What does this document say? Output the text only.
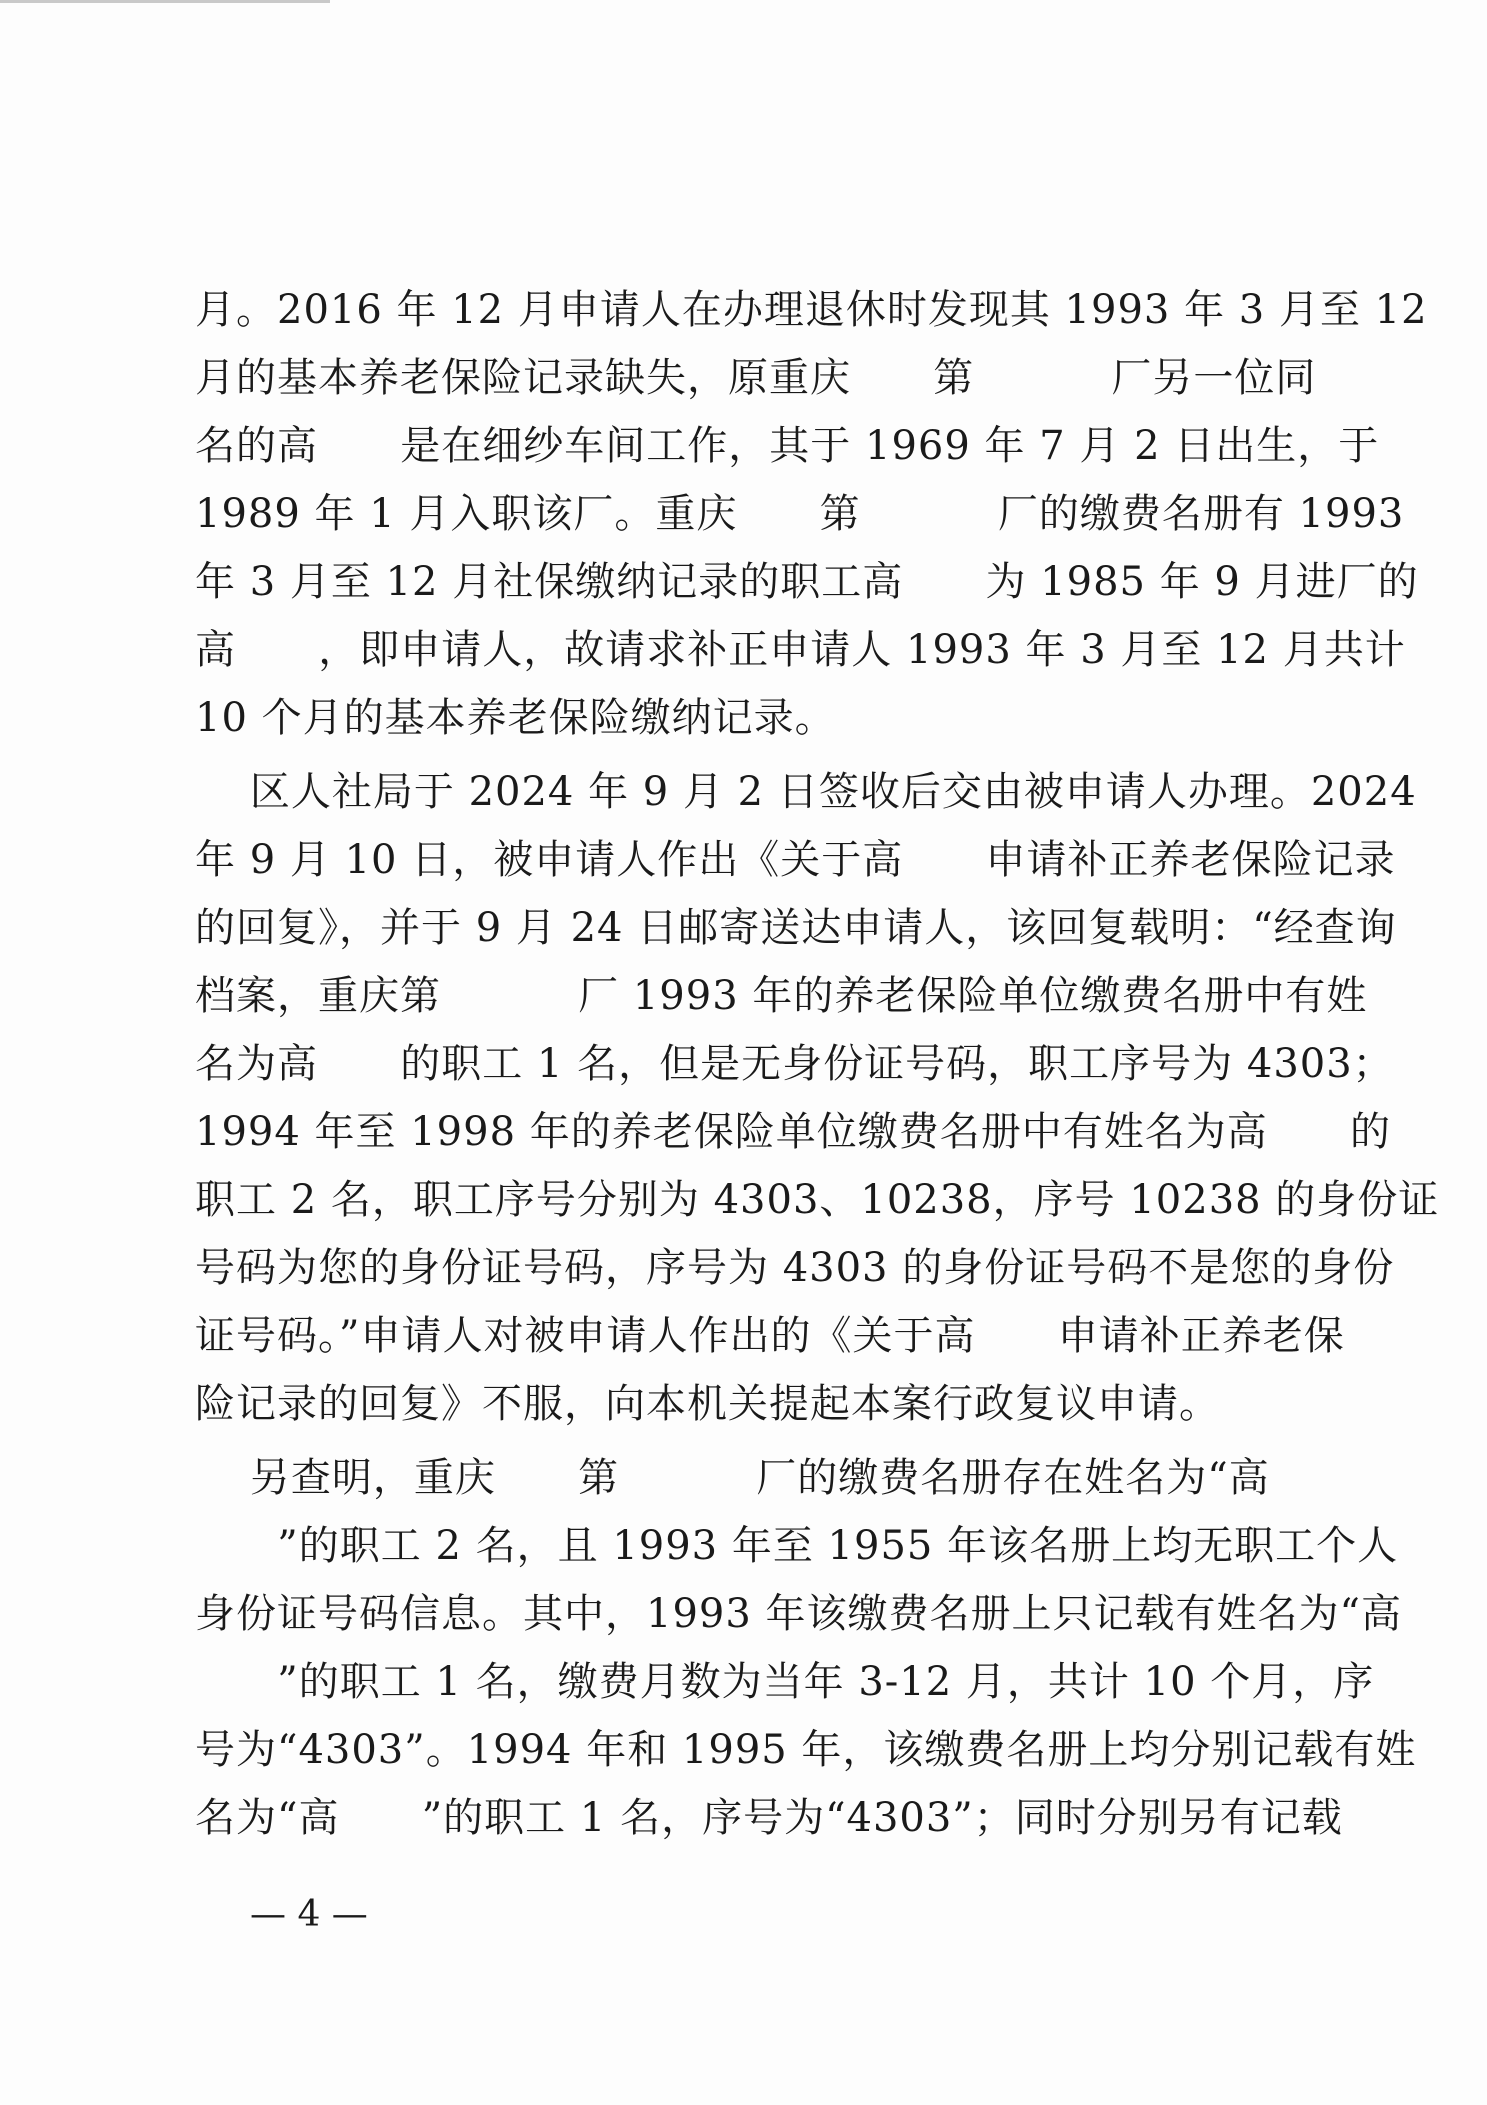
月。2016 年 12 月申请人在办理退休时发现其 1993 年 3 月至 12
月的基本养老保险记录缺失，原重庆      第          厂另一位同
名的高      是在细纱车间工作，其于 1969 年 7 月 2 日出生，于
1989 年 1 月入职该厂。重庆      第          厂的缴费名册有 1993
年 3 月至 12 月社保缴纳记录的职工高      为 1985 年 9 月进厂的
高      ，即申请人，故请求补正申请人 1993 年 3 月至 12 月共计
10 个月的基本养老保险缴纳记录。
区人社局于 2024 年 9 月 2 日签收后交由被申请人办理。2024
年 9 月 10 日，被申请人作出《关于高      申请补正养老保险记录
的回复》，并于 9 月 24 日邮寄送达申请人，该回复载明：“经查询
档案，重庆第          厂 1993 年的养老保险单位缴费名册中有姓
名为高      的职工 1 名，但是无身份证号码，职工序号为 4303；
1994 年至 1998 年的养老保险单位缴费名册中有姓名为高      的
职工 2 名，职工序号分别为 4303、10238，序号 10238 的身份证
号码为您的身份证号码，序号为 4303 的身份证号码不是您的身份
证号码。”申请人对被申请人作出的《关于高      申请补正养老保
险记录的回复》不服，向本机关提起本案行政复议申请。
另查明，重庆      第          厂的缴费名册存在姓名为“高
”的职工 2 名，且 1993 年至 1955 年该名册上均无职工个人
身份证号码信息。其中，1993 年该缴费名册上只记载有姓名为“高
”的职工 1 名，缴费月数为当年 3-12 月，共计 10 个月，序
号为“4303”。1994 年和 1995 年，该缴费名册上均分别记载有姓
名为“高      ”的职工 1 名，序号为“4303”；同时分别另有记载
— 4 —
